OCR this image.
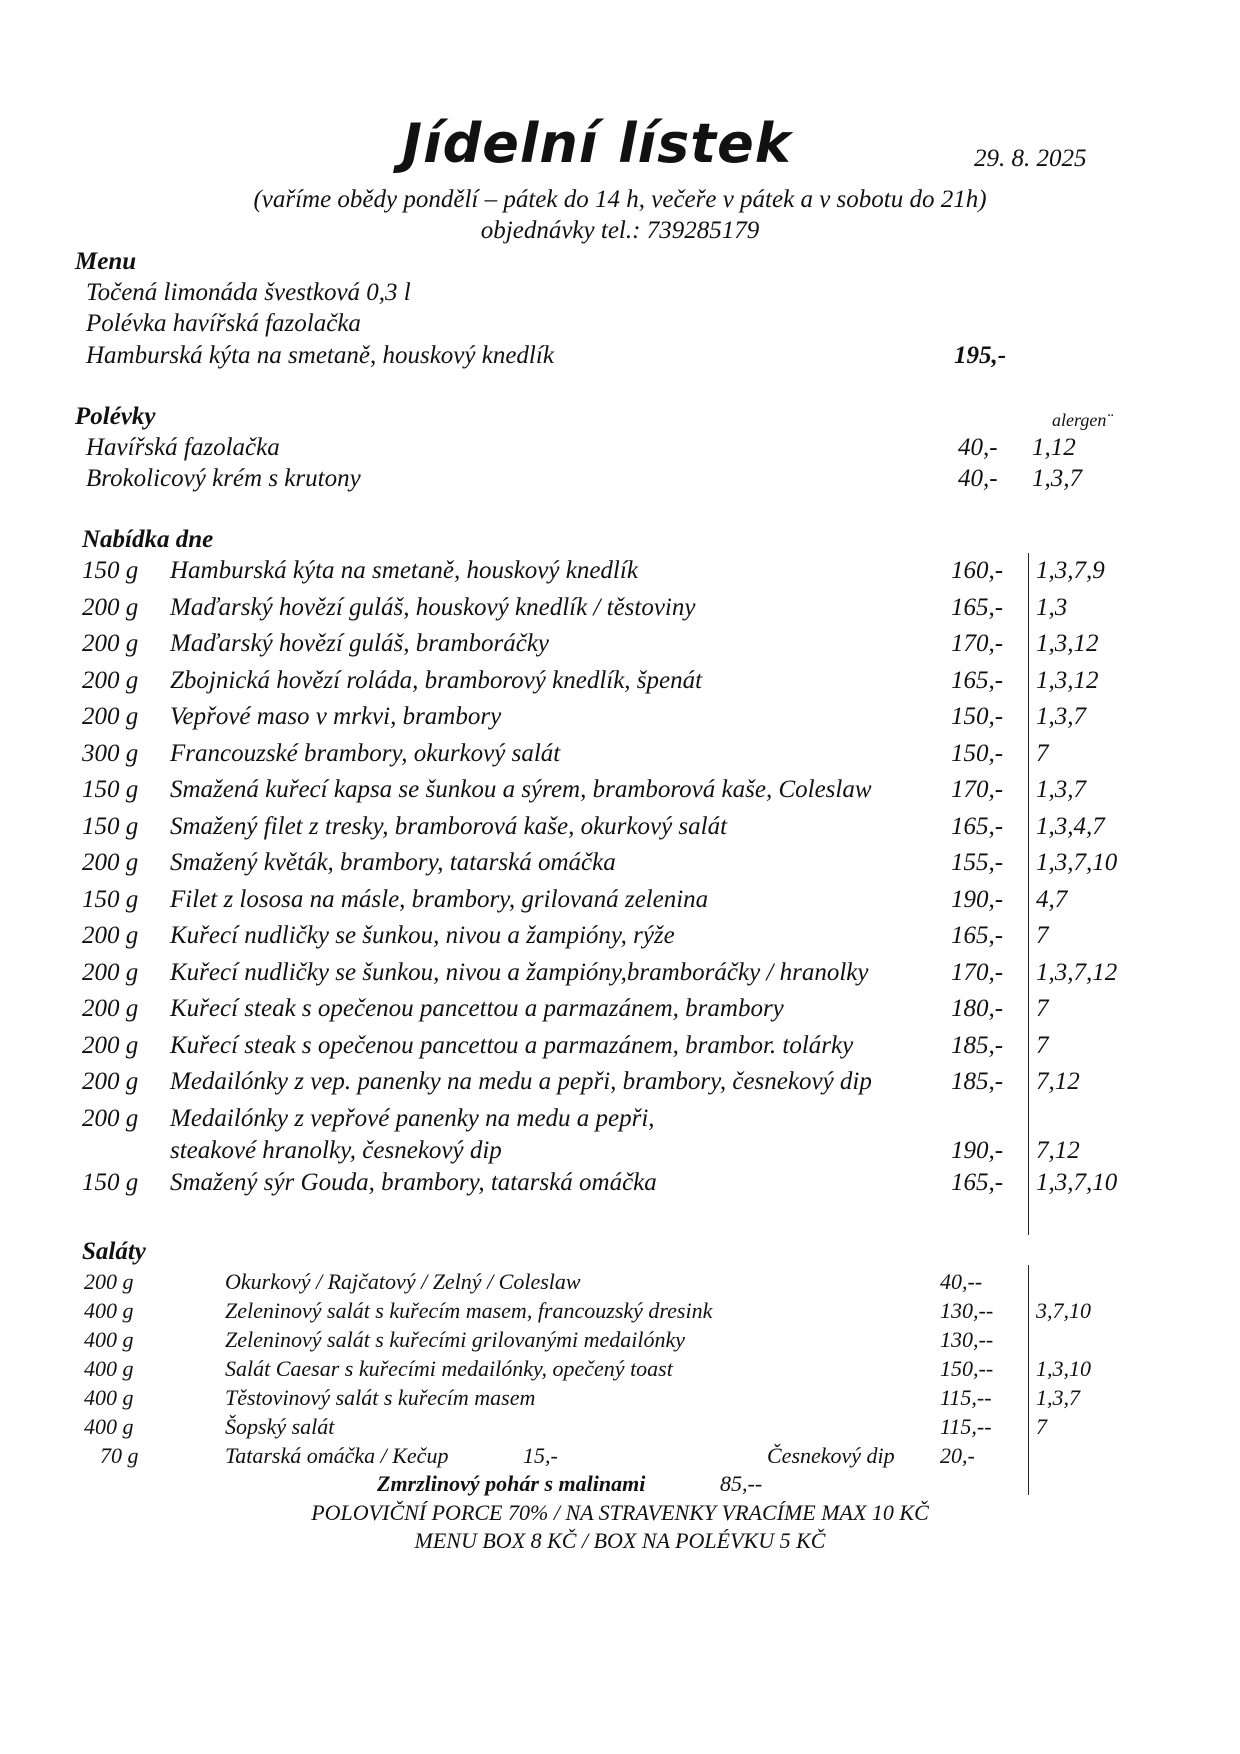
Jídelní lístek	29. 8. 2025
(vaříme obědy pondělí – pátek do 14 h, večeře v pátek a v sobotu do 21h)
objednávky tel.: 739285179
Menu
Točená limonáda švestková 0,3 l
Polévka havířská fazolačka
Hamburská kýta na smetaně, houskový knedlík	195,-
Polévky	alergen¨
Havířská fazolačka	40,- 1,12
Brokolicový krém s krutony	40,- 1,3,7
Nabídka dne
150 g Hamburská kýta na smetaně, houskový knedlík	160,- 1,3,7,9
200 g Maďarský hovězí guláš, houskový knedlík / těstoviny	165,- 1,3
200 g Maďarský hovězí guláš, bramboráčky	170,- 1,3,12
200 g Zbojnická hovězí roláda, bramborový knedlík, špenát	165,- 1,3,12
200 g Vepřové maso v mrkvi, brambory	150,- 1,3,7
300 g Francouzské brambory, okurkový salát	150,- 7
150 g Smažená kuřecí kapsa se šunkou a sýrem, bramborová kaše, Coleslaw	170,- 1,3,7
150 g Smažený filet z tresky, bramborová kaše, okurkový salát	165,- 1,3,4,7
200 g Smažený květák, brambory, tatarská omáčka	155,- 1,3,7,10
150 g Filet z lososa na másle, brambory, grilovaná zelenina	190,- 4,7
200 g Kuřecí nudličky se šunkou, nivou a žampióny, rýže	165,- 7
200 g Kuřecí nudličky se šunkou, nivou a žampióny,bramboráčky / hranolky	170,- 1,3,7,12
200 g Kuřecí steak s opečenou pancettou a parmazánem, brambory	180,- 7
200 g Kuřecí steak s opečenou pancettou a parmazánem, brambor. tolárky	185,- 7
200 g Medailónky z vep. panenky na medu a pepři, brambory, česnekový dip	185,- 7,12
200 g Medailónky z vepřové panenky na medu a pepři,
steakové hranolky, česnekový dip	190,- 7,12
150 g Smažený sýr Gouda, brambory, tatarská omáčka	165,- 1,3,7,10
Saláty
200 g	Okurkový / Rajčatový / Zelný / Coleslaw	40,--
400 g	Zeleninový salát s kuřecím masem, francouzský dresink	130,-- 3,7,10
400 g	Zeleninový salát s kuřecími grilovanými medailónky	130,--
400 g	Salát Caesar s kuřecími medailónky, opečený toast	150,-- 1,3,10
400 g	Těstovinový salát s kuřecím masem	115,-- 1,3,7
400 g	Šopský salát	115,-- 7
70 g	Tatarská omáčka / Kečup	15,-	Česnekový dip 20,-
Zmrzlinový pohár s malinami	85,--
POLOVIČNÍ PORCE 70% / NA STRAVENKY VRACÍME MAX 10 KČ
MENU BOX 8 KČ / BOX NA POLÉVKU 5 KČ
